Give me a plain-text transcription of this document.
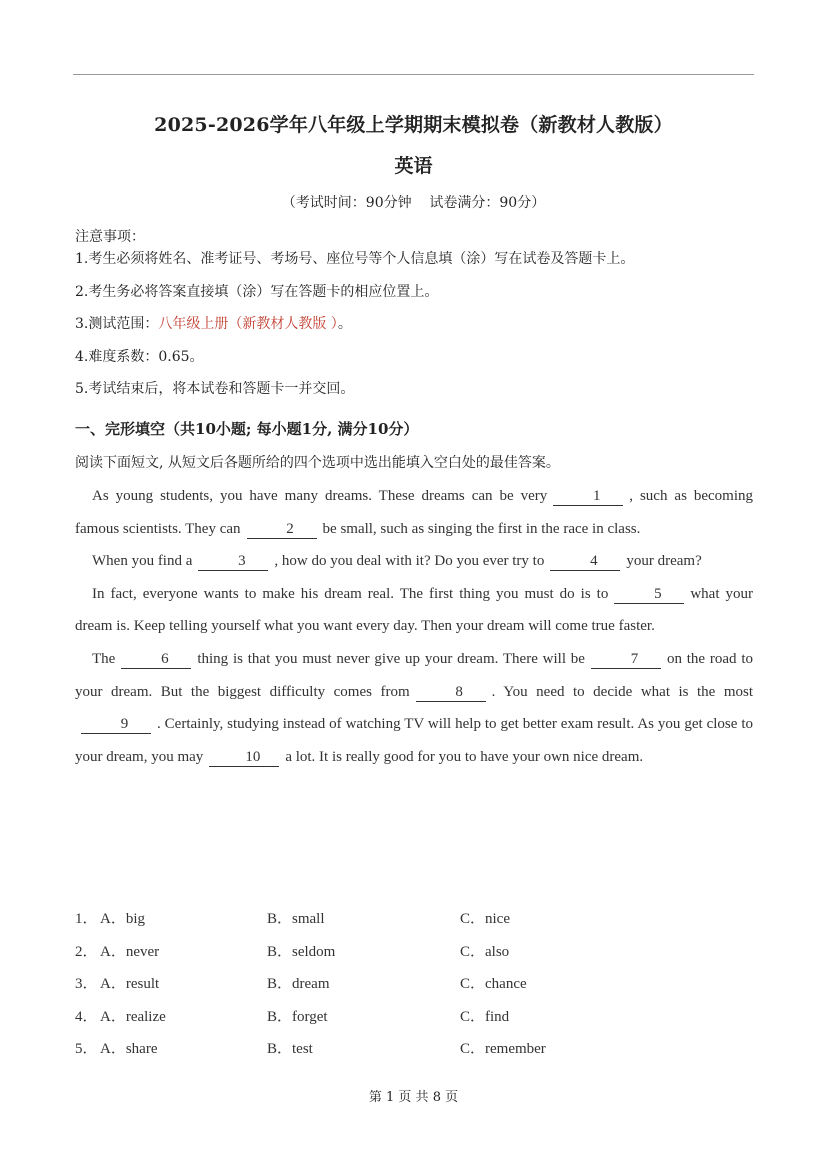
2025-2026学年八年级上学期期末模拟卷（新教材人教版）
英语
（考试时间：90分钟    试卷满分：90分）
注意事项：
1.考生必须将姓名、准考证号、考场号、座位号等个人信息填（涂）写在试卷及答题卡上。
2.考生务必将答案直接填（涂）写在答题卡的相应位置上。
3.测试范围：八年级上册（新教材人教版 ）。
4.难度系数：0.65。
5.考试结束后，将本试卷和答题卡一并交回。
一、完形填空（共10小题; 每小题1分, 满分10分）
阅读下面短文, 从短文后各题所给的四个选项中选出能填入空白处的最佳答案。

As young students, you have many dreams. These dreams can be very	1 , such as becoming famous scientists. They can	2 be small, such as singing the first in the race in class.

When you find a	3 , how do you deal with it? Do you ever try to	4 your dream?

In fact, everyone wants to make his dream real. The first thing you must do is to	5 what your dream is. Keep telling yourself what you want every day. Then your dream will come true faster.

The	6 thing is that you must never give up your dream. There will be	7 on the road to your dream. But the biggest difficulty comes from	8 . You need to decide what is the most9 . Certainly, studying instead of watching TV will help to get better exam result. As you get close to your dream, you may	10 a lot. It is really good for you to have your own nice dream.

1． A．big	B．small	C．nice
2． A．never	B．seldom	C．also
3． A．result	B．dream	C．chance
4． A．realize	B．forget	C．find
5． A．share	B．test	C．remember
第 1 页 共 8 页
